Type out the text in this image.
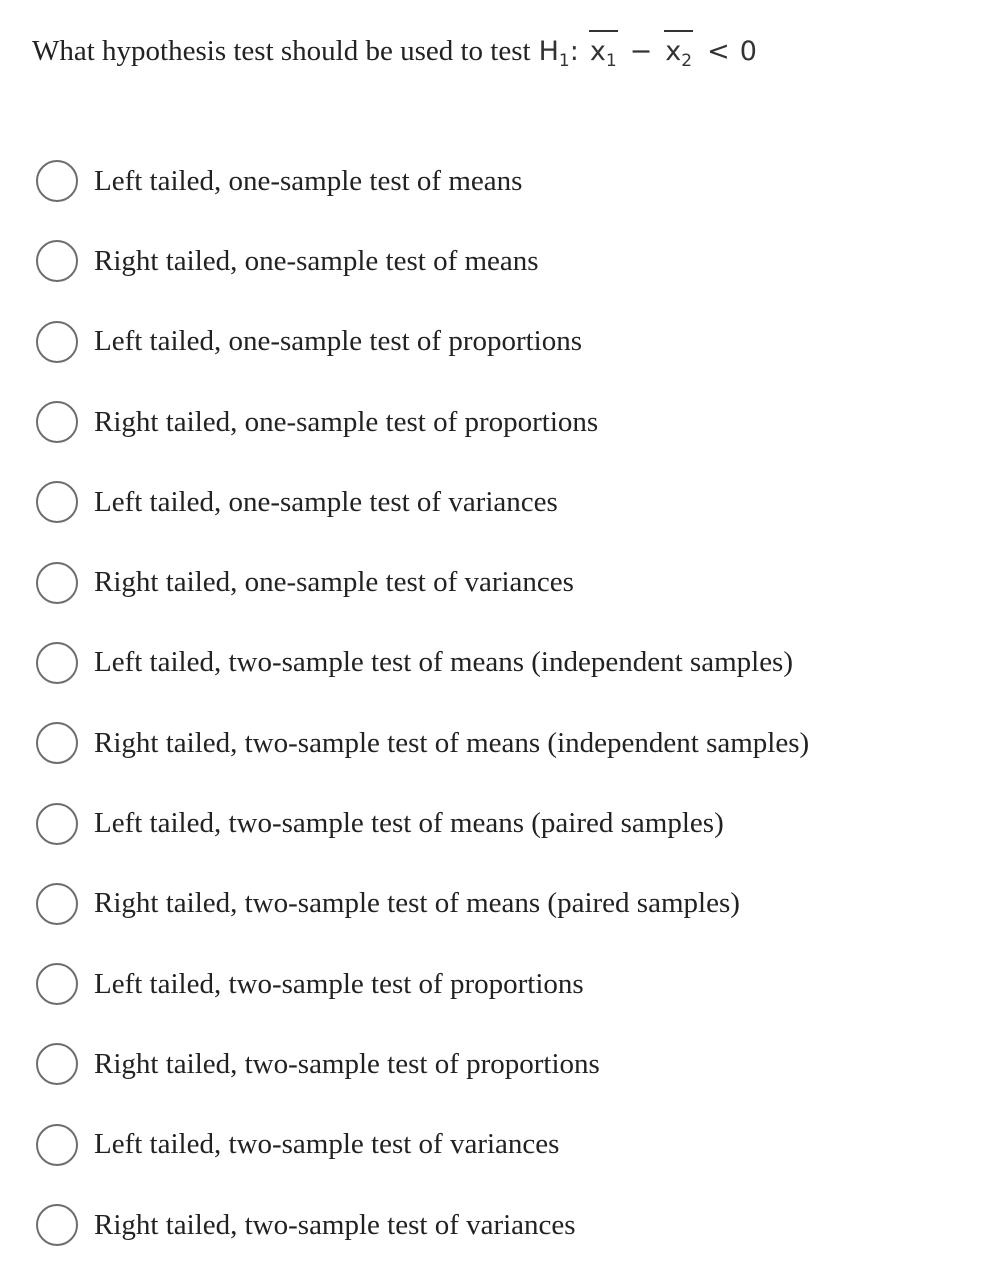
What hypothesis test should be used to test $H_1$: $x_1 - x_2 < 0$
Left tailed, one-sample test of means
Right tailed, one-sample test of means
Left tailed, one-sample test of proportions
Right tailed, one-sample test of proportions
Left tailed, one-sample test of variances
Right tailed, one-sample test of variances
Left tailed, two-sample test of means (independent samples)
Right tailed, two-sample test of means (independent samples)
Left tailed, two-sample test of means (paired samples)
Right tailed, two-sample test of means (paired samples)
Left tailed, two-sample test of proportions
Right tailed, two-sample test of proportions
Left tailed, two-sample test of variances
Right tailed, two-sample test of variances
